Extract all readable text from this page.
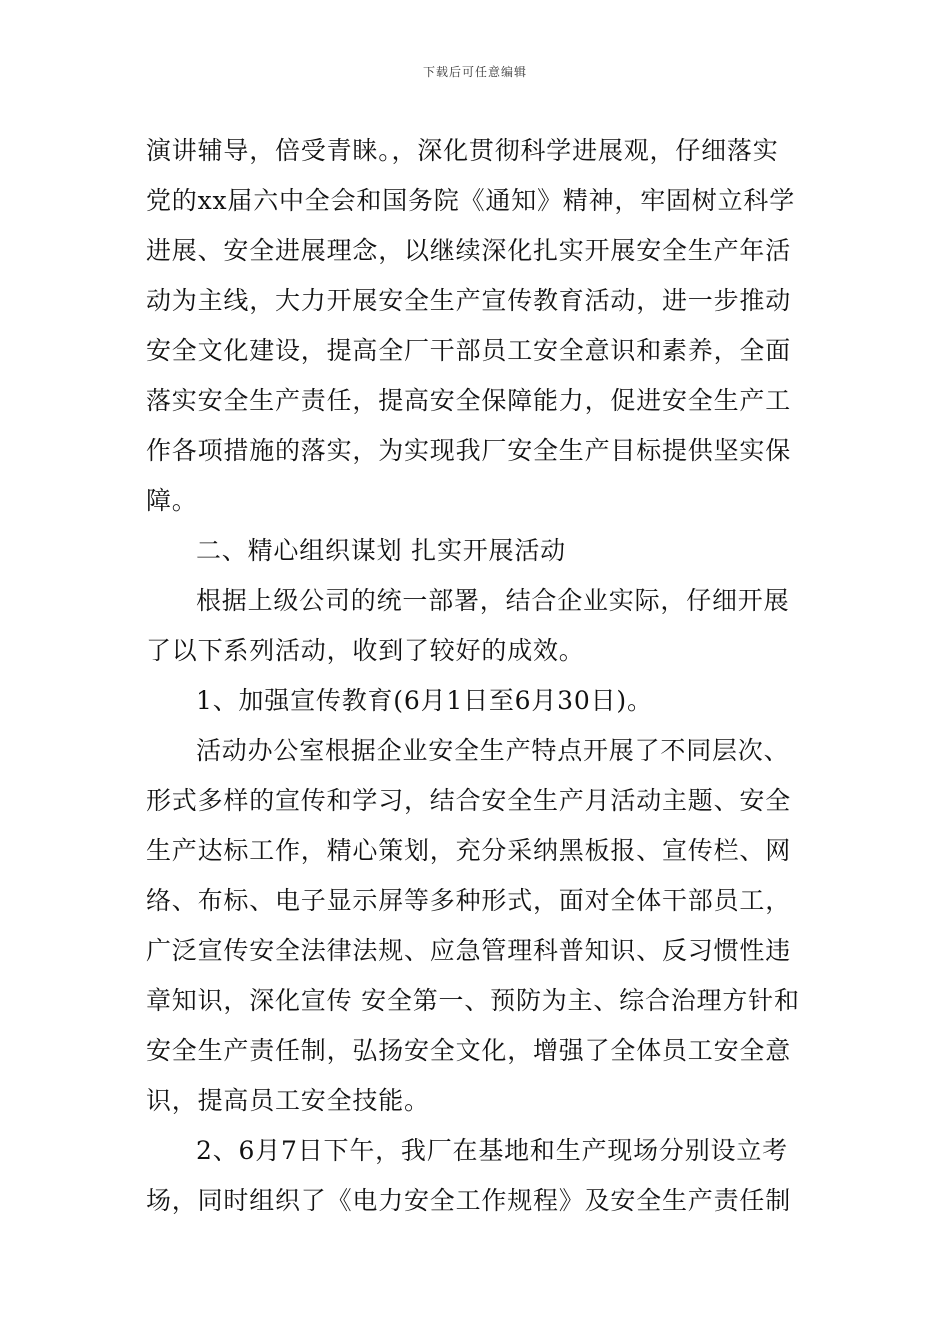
下载后可任意编辑
演讲辅导，倍受青睐。，深化贯彻科学进展观，仔细落实
党的xx届六中全会和国务院《通知》精神，牢固树立科学
进展、安全进展理念，以继续深化扎实开展安全生产年活
动为主线，大力开展安全生产宣传教育活动，进一步推动
安全文化建设，提高全厂干部员工安全意识和素养，全面
落实安全生产责任，提高安全保障能力，促进安全生产工
作各项措施的落实，为实现我厂安全生产目标提供坚实保
障。
二、精心组织谋划 扎实开展活动
根据上级公司的统一部署，结合企业实际，仔细开展
了以下系列活动，收到了较好的成效。
1、加强宣传教育(6月1日至6月30日)。
活动办公室根据企业安全生产特点开展了不同层次、
形式多样的宣传和学习，结合安全生产月活动主题、安全
生产达标工作，精心策划，充分采纳黑板报、宣传栏、网
络、布标、电子显示屏等多种形式，面对全体干部员工，
广泛宣传安全法律法规、应急管理科普知识、反习惯性违
章知识，深化宣传 安全第一、预防为主、综合治理方针和
安全生产责任制，弘扬安全文化，增强了全体员工安全意
识，提高员工安全技能。
2、6月7日下午，我厂在基地和生产现场分别设立考
场，同时组织了《电力安全工作规程》及安全生产责任制
